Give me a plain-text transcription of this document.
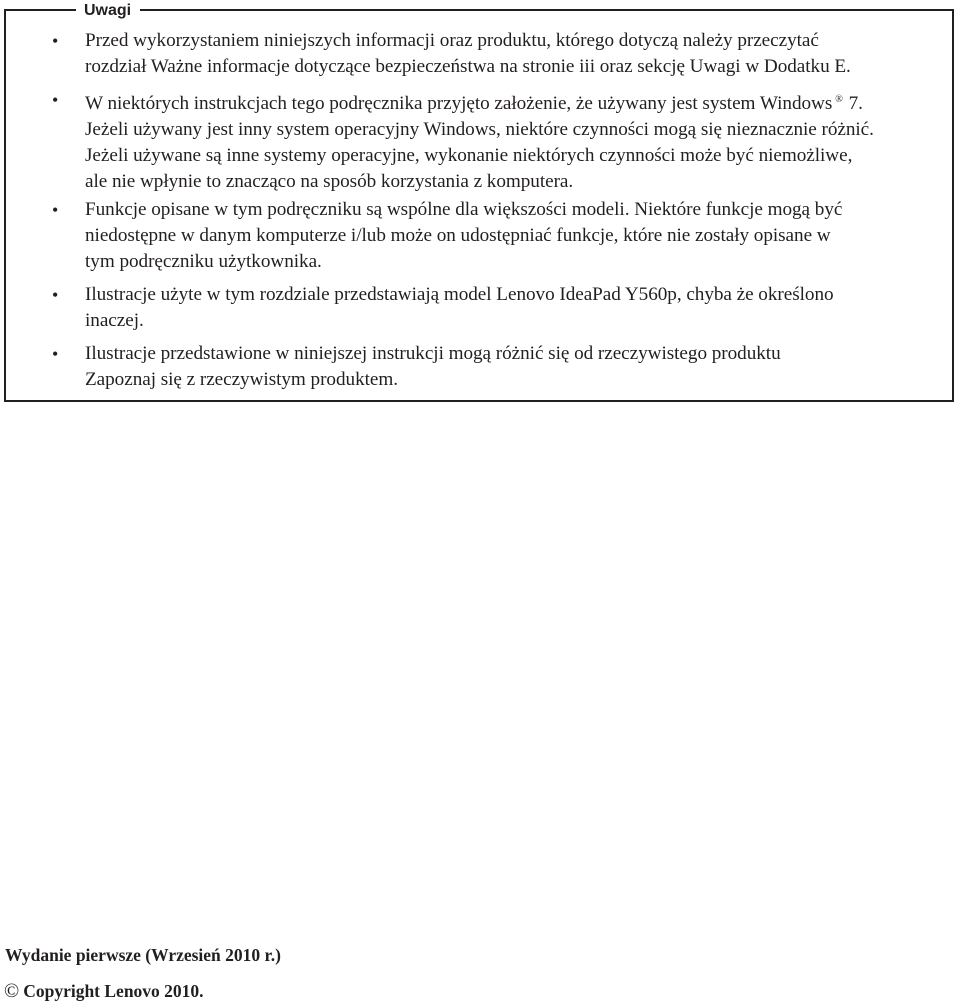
Uwagi
• Przed wykorzystaniem niniejszych informacji oraz produktu, którego dotyczą należy przeczytać
rozdział Ważne informacje dotyczące bezpieczeństwa na stronie iii oraz sekcję Uwagi w Dodatku E.
• W niektórych instrukcjach tego podręcznika przyjęto założenie, że używany jest system Windows ® 7.
Jeżeli używany jest inny system operacyjny Windows, niektóre czynności mogą się nieznacznie różnić.
Jeżeli używane są inne systemy operacyjne, wykonanie niektórych czynności może być niemożliwe,
ale nie wpłynie to znacząco na sposób korzystania z komputera.
• Funkcje opisane w tym podręczniku są wspólne dla większości modeli. Niektóre funkcje mogą być
niedostępne w danym komputerze i/lub może on udostępniać funkcje, które nie zostały opisane w
tym podręczniku użytkownika.
• Ilustracje użyte w tym rozdziale przedstawiają model Lenovo IdeaPad Y560p, chyba że określono
inaczej.
• Ilustracje przedstawione w niniejszej instrukcji mogą różnić się od rzeczywistego produktu
Zapoznaj się z rzeczywistym produktem.
Wydanie pierwsze (Wrzesień 2010 r.)
© Copyright Lenovo 2010.
